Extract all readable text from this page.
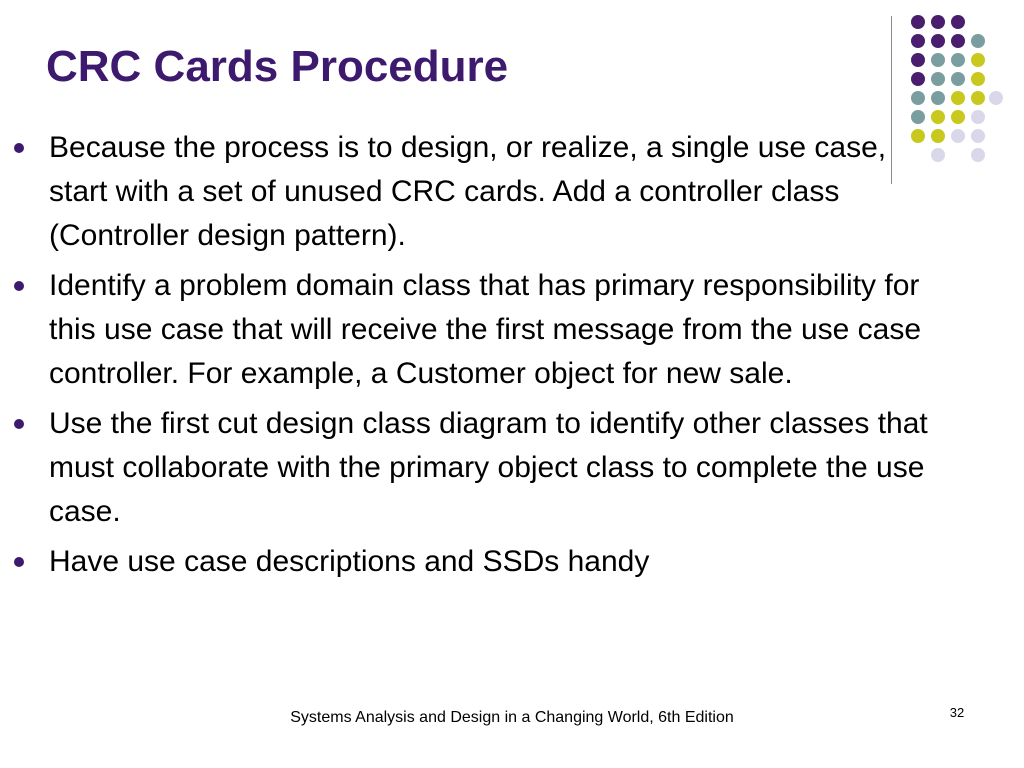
CRC Cards Procedure
Because the process is to design, or realize, a single use case, start with a set of unused CRC cards. Add a controller class (Controller design pattern).
Identify a problem domain class that has primary responsibility for this use case that will receive the first message from the use case controller. For example, a Customer object for new sale.
Use the first cut design class diagram to identify other classes that must collaborate with the primary object class to complete the use case.
Have use case descriptions and SSDs handy
Systems Analysis and Design in a Changing World, 6th Edition	32
